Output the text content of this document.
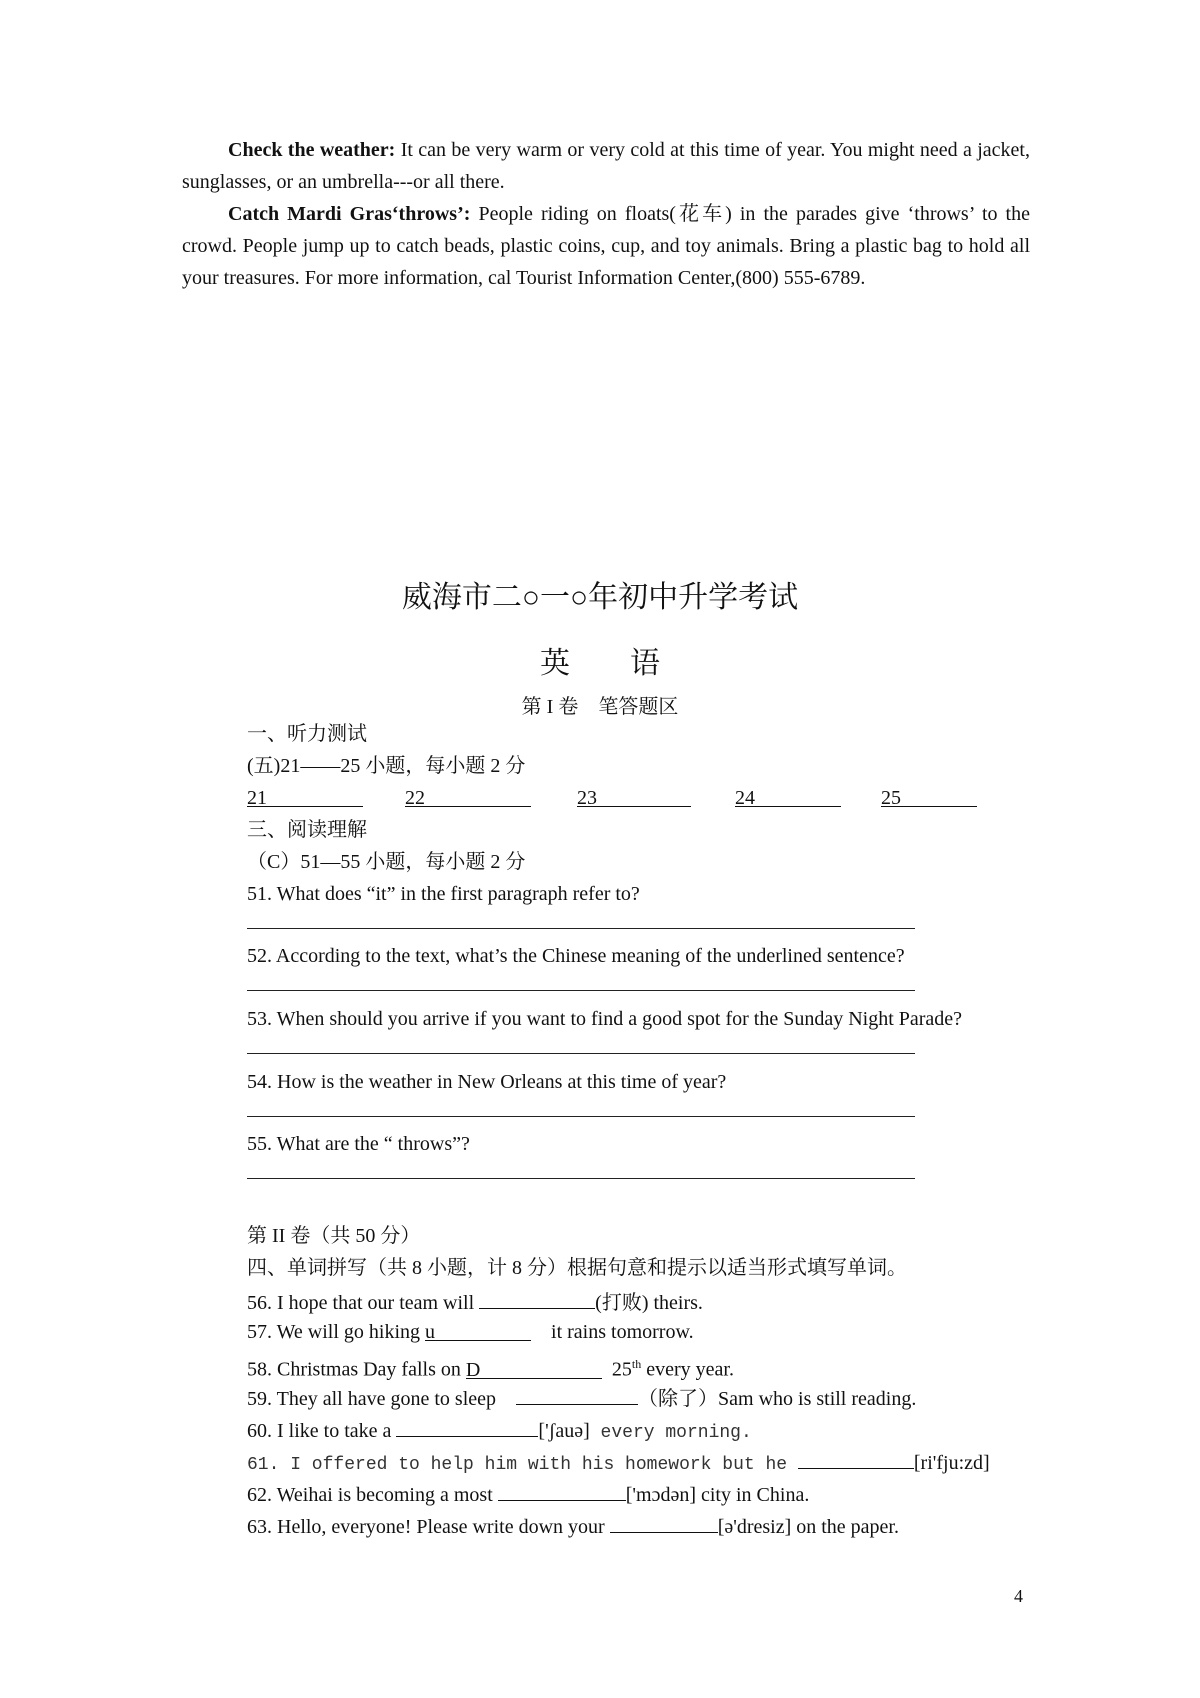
Check the weather: It can be very warm or very cold at this time of year. You might need a jacket, sunglasses, or an umbrella---or all there.
Catch Mardi Gras‘throws’: People riding on floats(花车) in the parades give ‘throws’ to the crowd. People jump up to catch beads, plastic coins, cup, and toy animals. Bring a plastic bag to hold all your treasures. For more information, cal Tourist Information Center,(800) 555-6789.
威海市二○一○年初中升学考试
英　　语
第 I 卷　笔答题区
一、听力测试
(五)21——25 小题，每小题 2 分
21	22	23	24	25
三、阅读理解
（C）51—55 小题，每小题 2 分
51. What does “it” in the first paragraph refer to?
52. According to the text, what’s the Chinese meaning of the underlined sentence?
53. When should you arrive if you want to find a good spot for the Sunday Night Parade?
54. How is the weather in New Orleans at this time of year?
55. What are the “ throws”?
第 II 卷（共 50 分）
四、单词拼写（共 8 小题，计 8 分）根据句意和提示以适当形式填写单词。
56. I hope that our team will	(打败) theirs.
57. We will go hiking u	it rains tomorrow.
58. Christmas Day falls on D	25th every year.
59. They all have gone to sleep	（除了）Sam who is still reading.
60. I like to take a	['ʃauə] every morning.
61. I offered to help him with his homework but he	[ri'fju:zd]
62. Weihai is becoming a most	['mɔdən] city in China.
63. Hello, everyone! Please write down your	[ə'dresiz] on the paper.
4
